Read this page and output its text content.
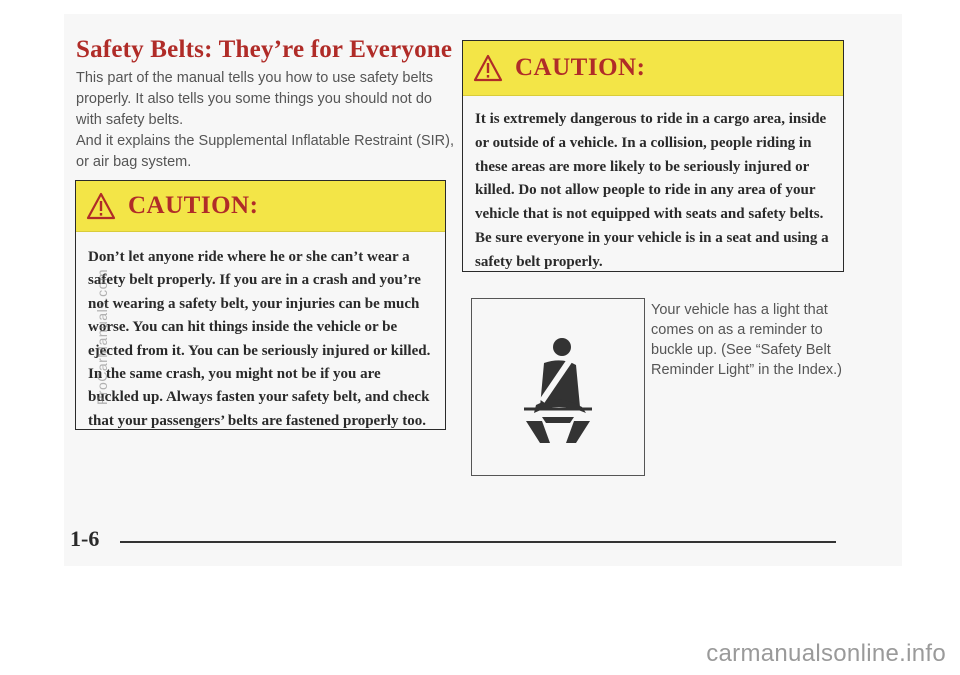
Safety Belts: They’re for Everyone

This part of the manual tells you how to use safety belts properly. It also tells you some things you should not do with safety belts.

And it explains the Supplemental Inflatable Restraint (SIR), or air bag system.

CAUTION:

Don’t let anyone ride where he or she can’t wear a safety belt properly. If you are in a crash and you’re not wearing a safety belt, your injuries can be much worse. You can hit things inside the vehicle or be ejected from it. You can be seriously injured or killed. In the same crash, you might not be if you are buckled up. Always fasten your safety belt, and check that your passengers’ belts are fastened properly too.

CAUTION:

It is extremely dangerous to ride in a cargo area, inside or outside of a vehicle. In a collision, people riding in these areas are more likely to be seriously injured or killed. Do not allow people to ride in any area of your vehicle that is not equipped with seats and safety belts. Be sure everyone in your vehicle is in a seat and using a safety belt properly.

Your vehicle has a light that comes on as a reminder to buckle up. (See “Safety Belt Reminder Light” in the Index.)

1-6

ProCarManuals.com

carmanualsonline.info
